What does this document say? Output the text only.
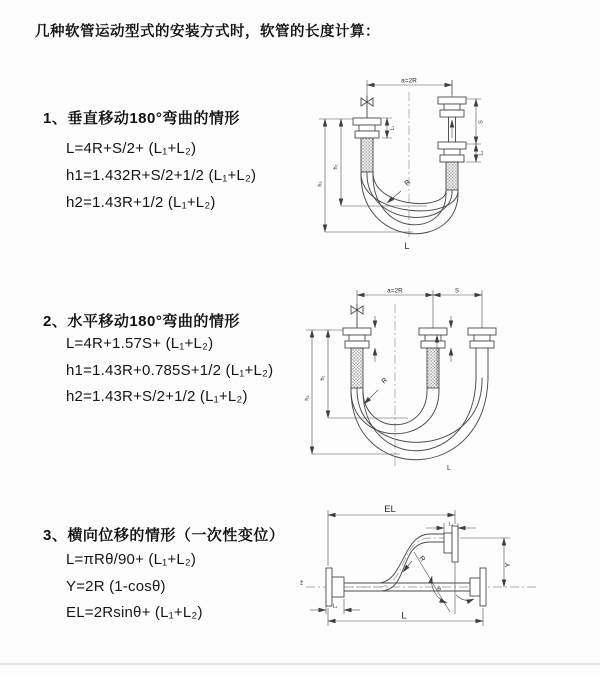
几种软管运动型式的安装方式时，软管的长度计算：
1、垂直移动180°弯曲的情形
L=4R+S/2+ (L₁+L₂)
h1=1.432R+S/2+1/2 (L₁+L₂)
h2=1.43R+1/2 (L₁+L₂)
a=2R
L₁
S
L₂
R
h₁
h₂
L
2、水平移动180°弯曲的情形
L=4R+1.57S+ (L₁+L₂)
h1=1.43R+0.785S+1/2 (L₁+L₂)
h2=1.43R+S/2+1/2 (L₁+L₂)
a=2R	S
R
h₁
h₂
L
3、横向位移的情形（一次性变位）
L=πRθ/90+ (L₁+L₂)
Y=2R (1-cosθ)
EL=2Rsinθ+ (L₁+L₂)
z̄
EL
L₂
Y
L
L₁
θ
R
